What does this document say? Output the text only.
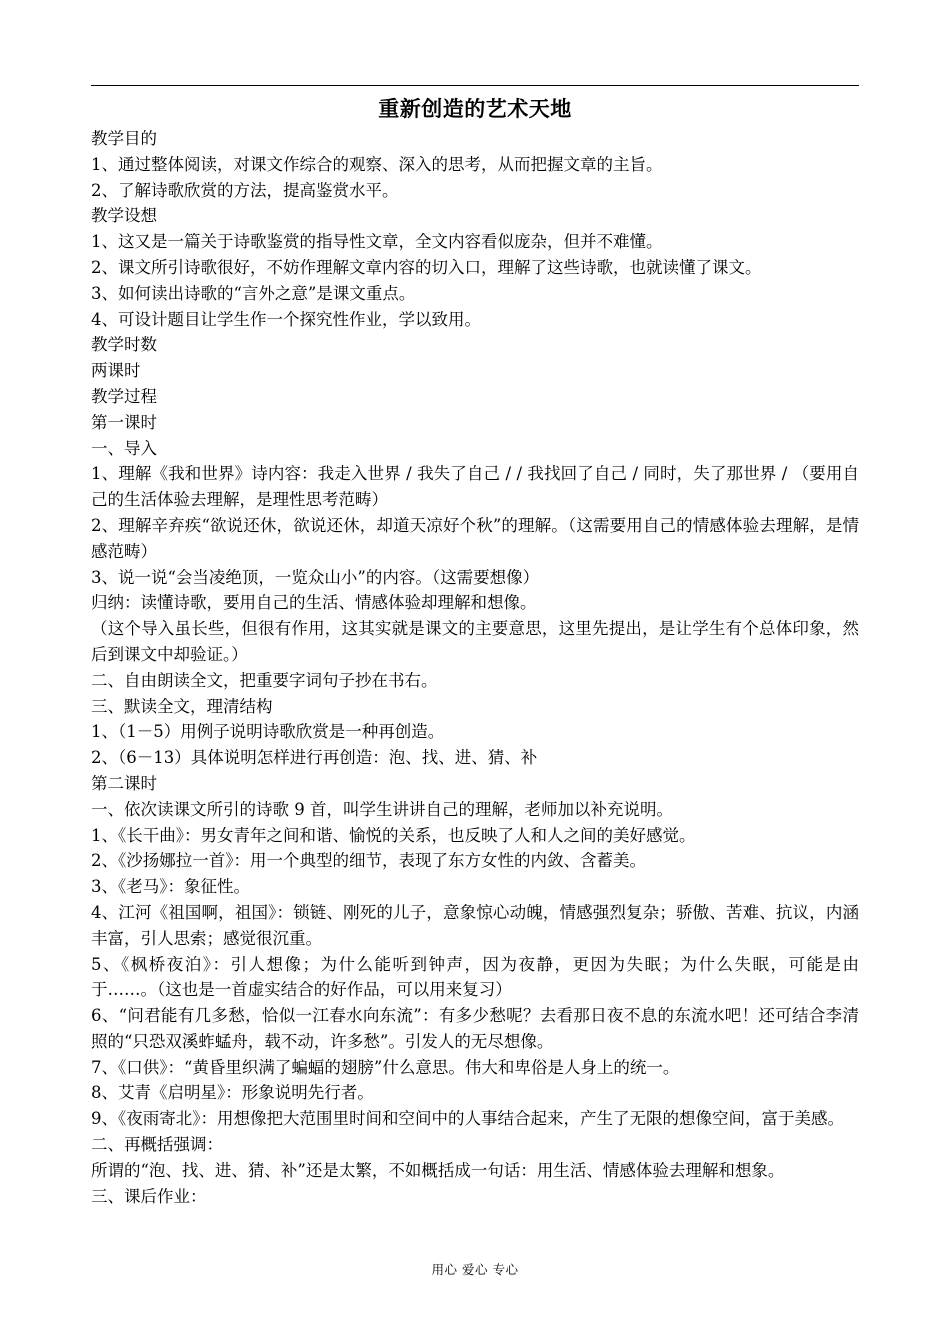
重新创造的艺术天地

教学目的

1、通过整体阅读，对课文作综合的观察、深入的思考，从而把握文章的主旨。

2、了解诗歌欣赏的方法，提高鉴赏水平。

教学设想

1、这又是一篇关于诗歌鉴赏的指导性文章，全文内容看似庞杂，但并不难懂。

2、课文所引诗歌很好，不妨作理解文章内容的切入口，理解了这些诗歌，也就读懂了课文。

3、如何读出诗歌的“言外之意”是课文重点。

4、可设计题目让学生作一个探究性作业，学以致用。

教学时数

两课时

教学过程

第一课时

一、导入

1、理解《我和世界》诗内容：我走入世界 / 我失了自己 / / 我找回了自己 / 同时，失了那世界 / （要用自己的生活体验去理解，是理性思考范畴）

2、理解辛弃疾“欲说还休，欲说还休，却道天凉好个秋”的理解。（这需要用自己的情感体验去理解，是情感范畴）

3、说一说“会当凌绝顶，一览众山小”的内容。（这需要想像）

归纳：读懂诗歌，要用自己的生活、情感体验却理解和想像。

（这个导入虽长些，但很有作用，这其实就是课文的主要意思，这里先提出，是让学生有个总体印象，然后到课文中却验证。）

二、自由朗读全文，把重要字词句子抄在书右。

三、默读全文，理清结构

1、（1－5）用例子说明诗歌欣赏是一种再创造。

2、（6－13）具体说明怎样进行再创造：泡、找、进、猜、补

第二课时

一、依次读课文所引的诗歌 9 首，叫学生讲讲自己的理解，老师加以补充说明。

1、《长干曲》：男女青年之间和谐、愉悦的关系，也反映了人和人之间的美好感觉。

2、《沙扬娜拉一首》：用一个典型的细节，表现了东方女性的内敛、含蓄美。

3、《老马》：象征性。

4、江河《祖国啊，祖国》：锁链、刚死的儿子，意象惊心动魄，情感强烈复杂；骄傲、苦难、抗议，内涵丰富，引人思索；感觉很沉重。

5、《枫桥夜泊》：引人想像；为什么能听到钟声，因为夜静，更因为失眠；为什么失眠，可能是由于……。（这也是一首虚实结合的好作品，可以用来复习）

6、“问君能有几多愁，恰似一江春水向东流”：有多少愁呢？去看那日夜不息的东流水吧！还可结合李清照的“只恐双溪蚱蜢舟，载不动，许多愁”。引发人的无尽想像。

7、《口供》：“黄昏里织满了蝙蝠的翅膀”什么意思。伟大和卑俗是人身上的统一。

8、艾青《启明星》：形象说明先行者。

9、《夜雨寄北》：用想像把大范围里时间和空间中的人事结合起来，产生了无限的想像空间，富于美感。

二、再概括强调：

所谓的“泡、找、进、猜、补”还是太繁，不如概括成一句话：用生活、情感体验去理解和想象。

三、课后作业：

用心 爱心 专心
